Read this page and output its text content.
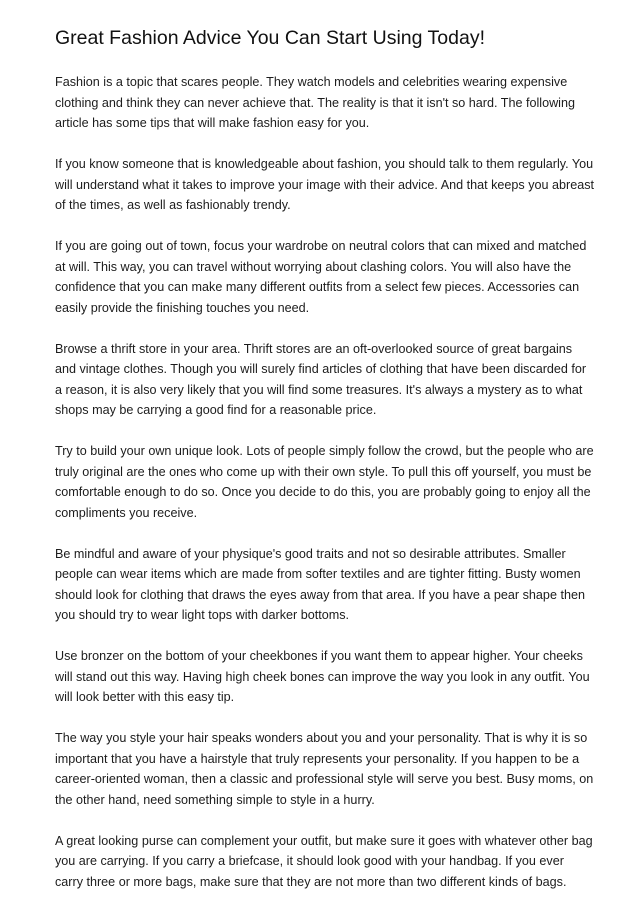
Great Fashion Advice You Can Start Using Today!

Fashion is a topic that scares people. They watch models and celebrities wearing expensive clothing and think they can never achieve that. The reality is that it isn't so hard. The following article has some tips that will make fashion easy for you.

If you know someone that is knowledgeable about fashion, you should talk to them regularly. You will understand what it takes to improve your image with their advice. And that keeps you abreast of the times, as well as fashionably trendy.

If you are going out of town, focus your wardrobe on neutral colors that can mixed and matched at will. This way, you can travel without worrying about clashing colors. You will also have the confidence that you can make many different outfits from a select few pieces. Accessories can easily provide the finishing touches you need.

Browse a thrift store in your area. Thrift stores are an oft-overlooked source of great bargains and vintage clothes. Though you will surely find articles of clothing that have been discarded for a reason, it is also very likely that you will find some treasures. It's always a mystery as to what shops may be carrying a good find for a reasonable price.

Try to build your own unique look. Lots of people simply follow the crowd, but the people who are truly original are the ones who come up with their own style. To pull this off yourself, you must be comfortable enough to do so. Once you decide to do this, you are probably going to enjoy all the compliments you receive.

Be mindful and aware of your physique's good traits and not so desirable attributes. Smaller people can wear items which are made from softer textiles and are tighter fitting. Busty women should look for clothing that draws the eyes away from that area. If you have a pear shape then you should try to wear light tops with darker bottoms.

Use bronzer on the bottom of your cheekbones if you want them to appear higher. Your cheeks will stand out this way. Having high cheek bones can improve the way you look in any outfit. You will look better with this easy tip.

The way you style your hair speaks wonders about you and your personality. That is why it is so important that you have a hairstyle that truly represents your personality. If you happen to be a career-oriented woman, then a classic and professional style will serve you best. Busy moms, on the other hand, need something simple to style in a hurry.

A great looking purse can complement your outfit, but make sure it goes with whatever other bag you are carrying. If you carry a briefcase, it should look good with your handbag. If you ever carry three or more bags, make sure that they are not more than two different kinds of bags.
